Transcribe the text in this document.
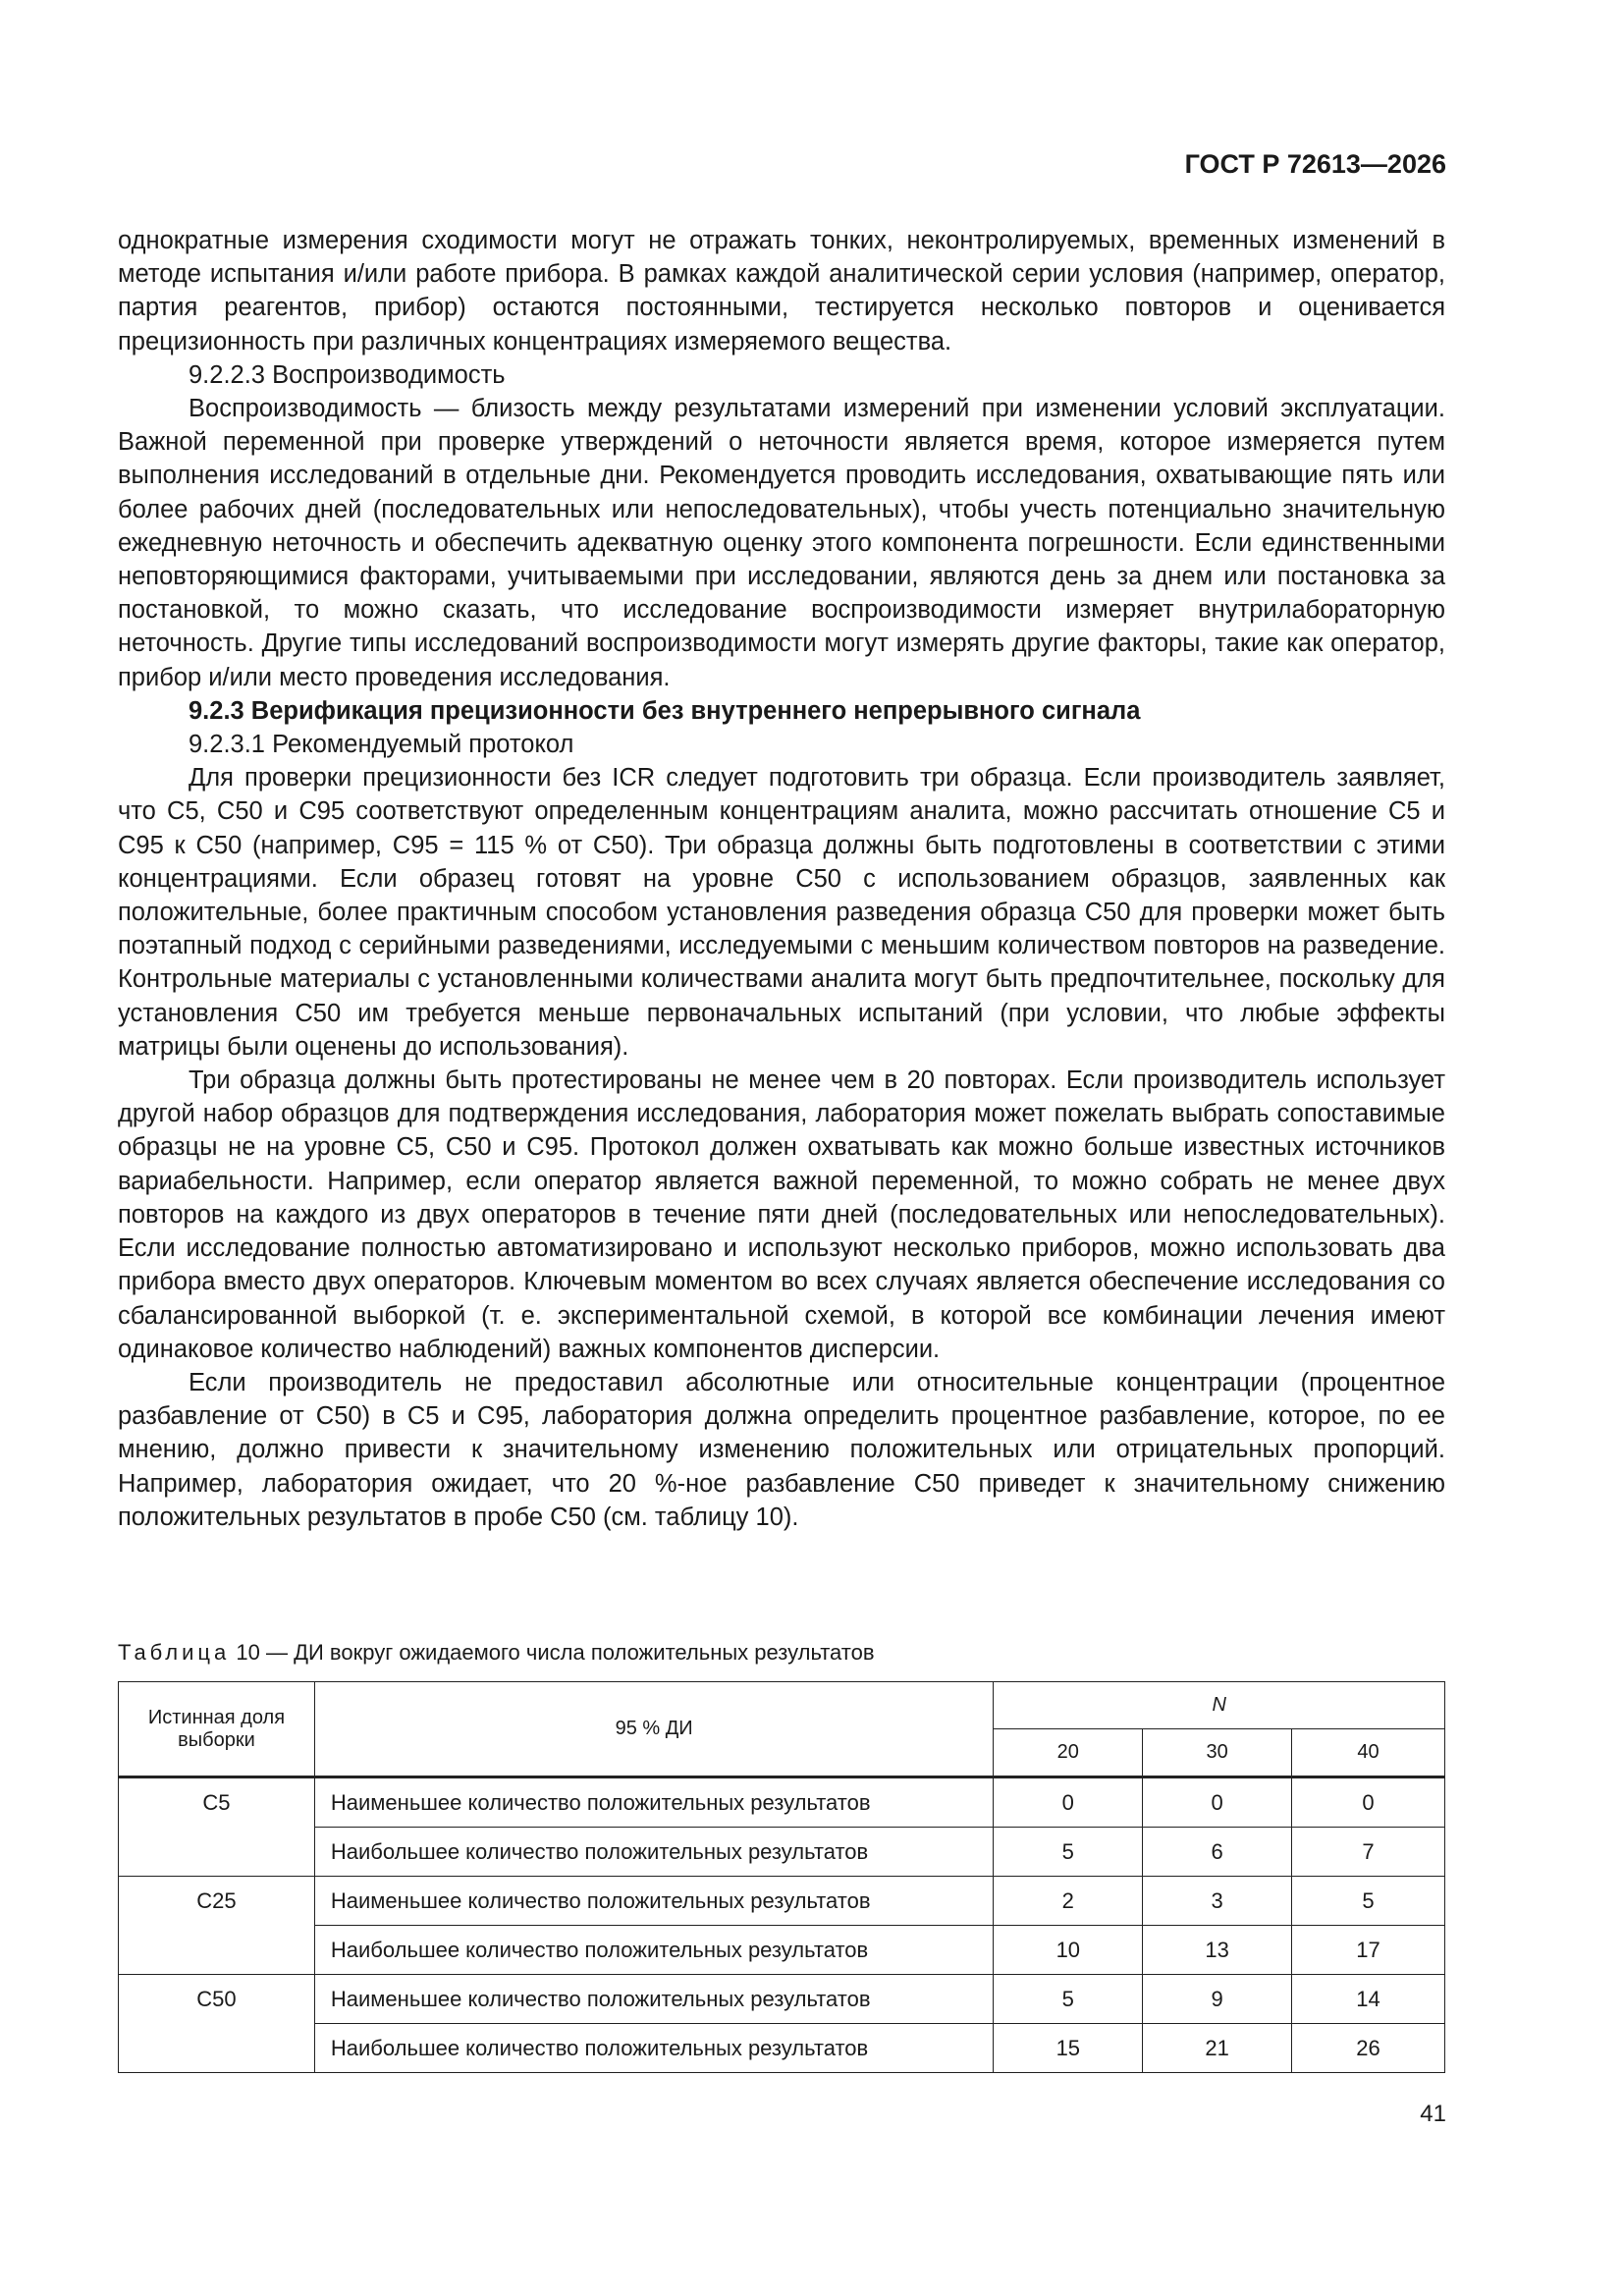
ГОСТ Р 72613—2026

однократные измерения сходимости могут не отражать тонких, неконтролируемых, временных изменений в методе испытания и/или работе прибора. В рамках каждой аналитической серии условия (например, оператор, партия реагентов, прибор) остаются постоянными, тестируется несколько повторов и оценивается прецизионность при различных концентрациях измеряемого вещества.

9.2.2.3 Воспроизводимость

Воспроизводимость — близость между результатами измерений при изменении условий эксплуатации. Важной переменной при проверке утверждений о неточности является время, которое измеряется путем выполнения исследований в отдельные дни. Рекомендуется проводить исследования, охватывающие пять или более рабочих дней (последовательных или непоследовательных), чтобы учесть потенциально значительную ежедневную неточность и обеспечить адекватную оценку этого компонента погрешности. Если единственными неповторяющимися факторами, учитываемыми при исследовании, являются день за днем или постановка за постановкой, то можно сказать, что исследование воспроизводимости измеряет внутрилабораторную неточность. Другие типы исследований воспроизводимости могут измерять другие факторы, такие как оператор, прибор и/или место проведения исследования.

9.2.3 Верификация прецизионности без внутреннего непрерывного сигнала

9.2.3.1 Рекомендуемый протокол

Для проверки прецизионности без ICR следует подготовить три образца. Если производитель заявляет, что C5, C50 и C95 соответствуют определенным концентрациям аналита, можно рассчитать отношение C5 и C95 к C50 (например, C95 = 115 % от C50). Три образца должны быть подготовлены в соответствии с этими концентрациями. Если образец готовят на уровне C50 с использованием образцов, заявленных как положительные, более практичным способом установления разведения образца C50 для проверки может быть поэтапный подход с серийными разведениями, исследуемыми с меньшим количеством повторов на разведение. Контрольные материалы с установленными количествами аналита могут быть предпочтительнее, поскольку для установления C50 им требуется меньше первоначальных испытаний (при условии, что любые эффекты матрицы были оценены до использования).

Три образца должны быть протестированы не менее чем в 20 повторах. Если производитель использует другой набор образцов для подтверждения исследования, лаборатория может пожелать выбрать сопоставимые образцы не на уровне C5, C50 и C95. Протокол должен охватывать как можно больше известных источников вариабельности. Например, если оператор является важной переменной, то можно собрать не менее двух повторов на каждого из двух операторов в течение пяти дней (последовательных или непоследовательных). Если исследование полностью автоматизировано и используют несколько приборов, можно использовать два прибора вместо двух операторов. Ключевым моментом во всех случаях является обеспечение исследования со сбалансированной выборкой (т. е. экспериментальной схемой, в которой все комбинации лечения имеют одинаковое количество наблюдений) важных компонентов дисперсии.

Если производитель не предоставил абсолютные или относительные концентрации (процентное разбавление от C50) в C5 и C95, лаборатория должна определить процентное разбавление, которое, по ее мнению, должно привести к значительному изменению положительных или отрицательных пропорций. Например, лаборатория ожидает, что 20 %-ное разбавление C50 приведет к значительному снижению положительных результатов в пробе C50 (см. таблицу 10).

Таблица 10 — ДИ вокруг ожидаемого числа положительных результатов
Истинная доля выборки	95 % ДИ	N		
		20	30	40
C5	Наименьшее количество положительных результатов	0	0	0
	Наибольшее количество положительных результатов	5	6	7
C25	Наименьшее количество положительных результатов	2	3	5
	Наибольшее количество положительных результатов	10	13	17
C50	Наименьшее количество положительных результатов	5	9	14
	Наибольшее количество положительных результатов	15	21	26
41
